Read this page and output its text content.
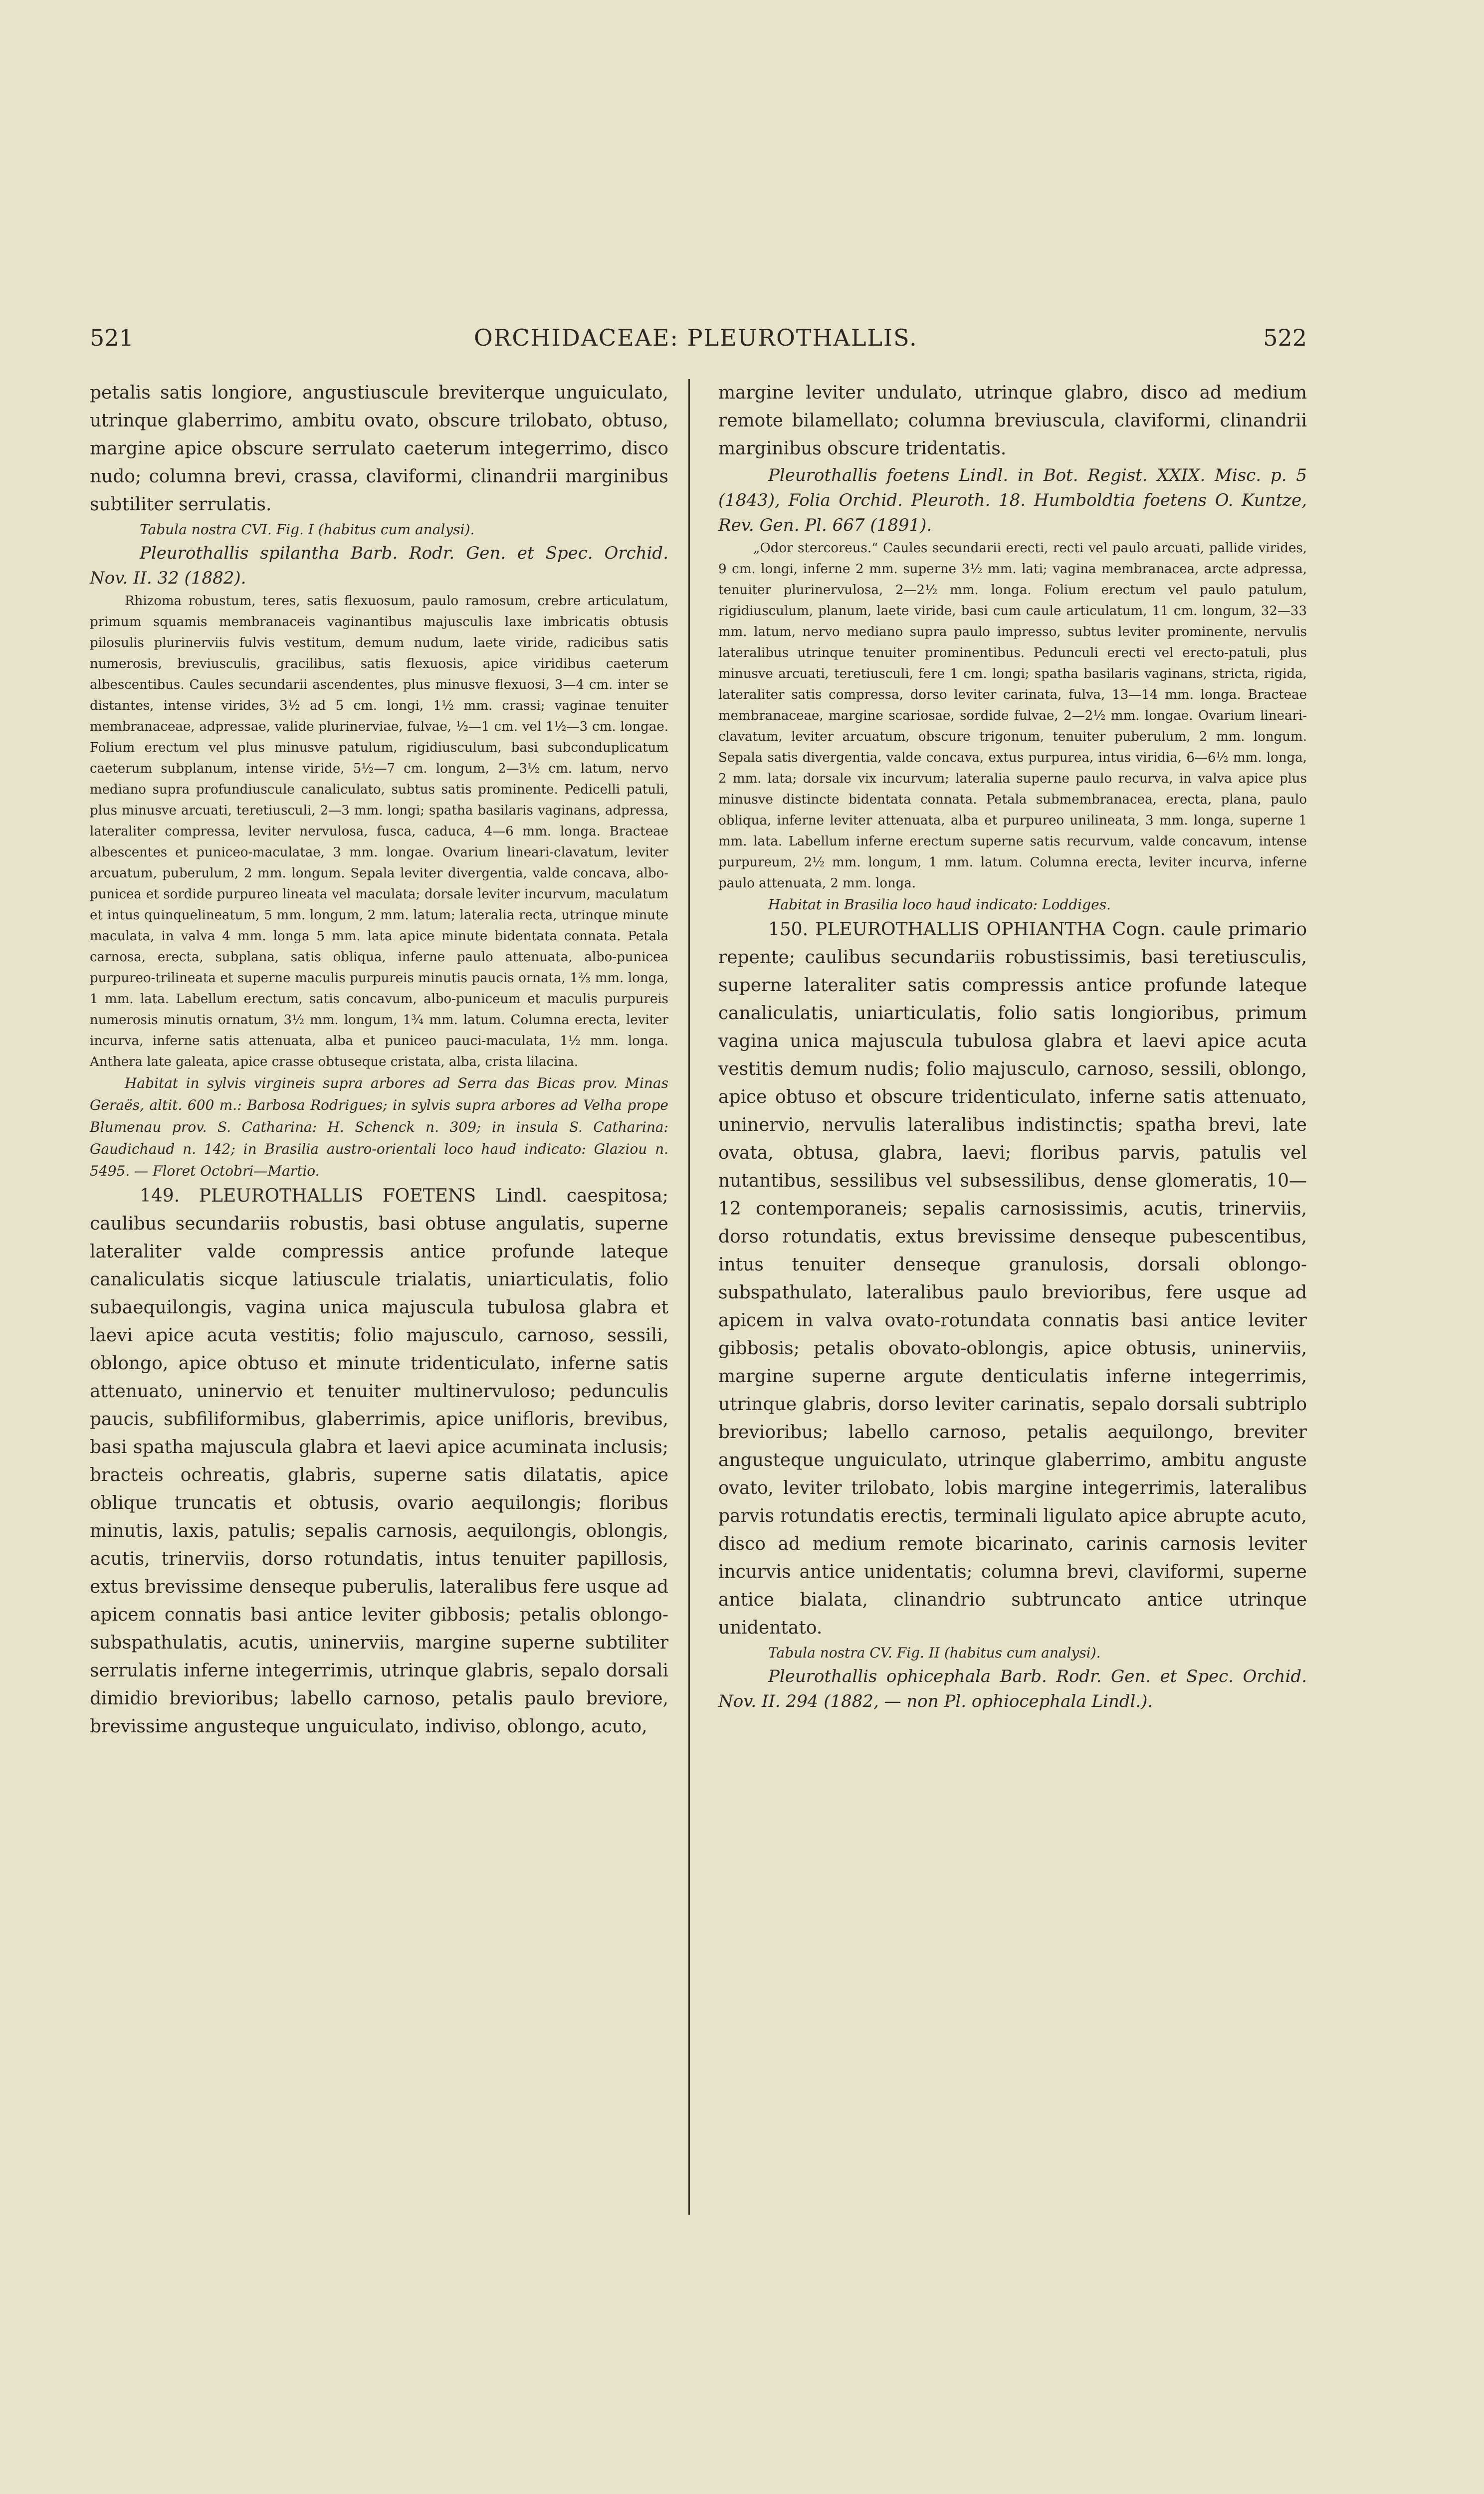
521	ORCHIDACEAE: PLEUROTHALLIS.	522

petalis satis longiore, angustiuscule breviterque unguiculato, utrinque glaberrimo, ambitu ovato, obscure trilobato, obtuso, margine apice obscure serrulato caeterum integerrimo, disco nudo; columna brevi, crassa, claviformi, clinandrii marginibus subtiliter serrulatis.

Tabula nostra CVI. Fig. I (habitus cum analysi).

Pleurothallis spilantha Barb. Rodr. Gen. et Spec. Orchid. Nov. II. 32 (1882).

Rhizoma robustum, teres, satis flexuosum, paulo ramosum, crebre articulatum, primum squamis membranaceis vaginantibus majusculis laxe imbricatis obtusis pilosulis plurinerviis fulvis vestitum, demum nudum, laete viride, radicibus satis numerosis, breviusculis, gracilibus, satis flexuosis, apice viridibus caeterum albescentibus. Caules secundarii ascendentes, plus minusve flexuosi, 3—4 cm. inter se distantes, intense virides, 3½ ad 5 cm. longi, 1½ mm. crassi; vaginae tenuiter membranaceae, adpressae, valide plurinerviae, fulvae, ½—1 cm. vel 1½—3 cm. longae. Folium erectum vel plus minusve patulum, rigidiusculum, basi subconduplicatum caeterum subplanum, intense viride, 5½—7 cm. longum, 2—3½ cm. latum, nervo mediano supra profundiuscule canaliculato, subtus satis prominente. Pedicelli patuli, plus minusve arcuati, teretiusculi, 2—3 mm. longi; spatha basilaris vaginans, adpressa, lateraliter compressa, leviter nervulosa, fusca, caduca, 4—6 mm. longa. Bracteae albescentes et puniceo-maculatae, 3 mm. longae. Ovarium lineari-clavatum, leviter arcuatum, puberulum, 2 mm. longum. Sepala leviter divergentia, valde concava, albo-punicea et sordide purpureo lineata vel maculata; dorsale leviter incurvum, maculatum et intus quinquelineatum, 5 mm. longum, 2 mm. latum; lateralia recta, utrinque minute maculata, in valva 4 mm. longa 5 mm. lata apice minute bidentata connata. Petala carnosa, erecta, subplana, satis obliqua, inferne paulo attenuata, albo-punicea purpureo-trilineata et superne maculis purpureis minutis paucis ornata, 1⅔ mm. longa, 1 mm. lata. Labellum erectum, satis concavum, albo-puniceum et maculis purpureis numerosis minutis ornatum, 3½ mm. longum, 1¾ mm. latum. Columna erecta, leviter incurva, inferne satis attenuata, alba et puniceo pauci-maculata, 1½ mm. longa. Anthera late galeata, apice crasse obtuseque cristata, alba, crista lilacina.

Habitat in sylvis virgineis supra arbores ad Serra das Bicas prov. Minas Geraës, altit. 600 m.: Barbosa Rodrigues; in sylvis supra arbores ad Velha prope Blumenau prov. S. Catharina: H. Schenck n. 309; in insula S. Catharina: Gaudichaud n. 142; in Brasilia austro-orientali loco haud indicato: Glaziou n. 5495. — Floret Octobri—Martio.

149. PLEUROTHALLIS FOETENS Lindl. caespitosa; caulibus secundariis robustis, basi obtuse angulatis, superne lateraliter valde compressis antice profunde lateque canaliculatis sicque latiuscule trialatis, uniarticulatis, folio subaequilongis, vagina unica majuscula tubulosa glabra et laevi apice acuta vestitis; folio majusculo, carnoso, sessili, oblongo, apice obtuso et minute tridenticulato, inferne satis attenuato, uninervio et tenuiter multinervuloso; pedunculis paucis, subfiliformibus, glaberrimis, apice unifloris, brevibus, basi spatha majuscula glabra et laevi apice acuminata inclusis; bracteis ochreatis, glabris, superne satis dilatatis, apice oblique truncatis et obtusis, ovario aequilongis; floribus minutis, laxis, patulis; sepalis carnosis, aequilongis, oblongis, acutis, trinerviis, dorso rotundatis, intus tenuiter papillosis, extus brevissime denseque puberulis, lateralibus fere usque ad apicem connatis basi antice leviter gibbosis; petalis oblongo-subspathulatis, acutis, uninerviis, margine superne subtiliter serrulatis inferne integerrimis, utrinque glabris, sepalo dorsali dimidio brevioribus; labello carnoso, petalis paulo breviore, brevissime angusteque unguiculato, indiviso, oblongo, acuto,

margine leviter undulato, utrinque glabro, disco ad medium remote bilamellato; columna breviuscula, claviformi, clinandrii marginibus obscure tridentatis.

Pleurothallis foetens Lindl. in Bot. Regist. XXIX. Misc. p. 5 (1843), Folia Orchid. Pleuroth. 18. Humboldtia foetens O. Kuntze, Rev. Gen. Pl. 667 (1891).

„Odor stercoreus.“ Caules secundarii erecti, recti vel paulo arcuati, pallide virides, 9 cm. longi, inferne 2 mm. superne 3½ mm. lati; vagina membranacea, arcte adpressa, tenuiter plurinervulosa, 2—2½ mm. longa. Folium erectum vel paulo patulum, rigidiusculum, planum, laete viride, basi cum caule articulatum, 11 cm. longum, 32—33 mm. latum, nervo mediano supra paulo impresso, subtus leviter prominente, nervulis lateralibus utrinque tenuiter prominentibus. Pedunculi erecti vel erecto-patuli, plus minusve arcuati, teretiusculi, fere 1 cm. longi; spatha basilaris vaginans, stricta, rigida, lateraliter satis compressa, dorso leviter carinata, fulva, 13—14 mm. longa. Bracteae membranaceae, margine scariosae, sordide fulvae, 2—2½ mm. longae. Ovarium lineari-clavatum, leviter arcuatum, obscure trigonum, tenuiter puberulum, 2 mm. longum. Sepala satis divergentia, valde concava, extus purpurea, intus viridia, 6—6½ mm. longa, 2 mm. lata; dorsale vix incurvum; lateralia superne paulo recurva, in valva apice plus minusve distincte bidentata connata. Petala submembranacea, erecta, plana, paulo obliqua, inferne leviter attenuata, alba et purpureo unilineata, 3 mm. longa, superne 1 mm. lata. Labellum inferne erectum superne satis recurvum, valde concavum, intense purpureum, 2½ mm. longum, 1 mm. latum. Columna erecta, leviter incurva, inferne paulo attenuata, 2 mm. longa.

Habitat in Brasilia loco haud indicato: Loddiges.

150. PLEUROTHALLIS OPHIANTHA Cogn. caule primario repente; caulibus secundariis robustissimis, basi teretiusculis, superne lateraliter satis compressis antice profunde lateque canaliculatis, uniarticulatis, folio satis longioribus, primum vagina unica majuscula tubulosa glabra et laevi apice acuta vestitis demum nudis; folio majusculo, carnoso, sessili, oblongo, apice obtuso et obscure tridenticulato, inferne satis attenuato, uninervio, nervulis lateralibus indistinctis; spatha brevi, late ovata, obtusa, glabra, laevi; floribus parvis, patulis vel nutantibus, sessilibus vel subsessilibus, dense glomeratis, 10—12 contemporaneis; sepalis carnosissimis, acutis, trinerviis, dorso rotundatis, extus brevissime denseque pubescentibus, intus tenuiter denseque granulosis, dorsali oblongo-subspathulato, lateralibus paulo brevioribus, fere usque ad apicem in valva ovato-rotundata connatis basi antice leviter gibbosis; petalis obovato-oblongis, apice obtusis, uninerviis, margine superne argute denticulatis inferne integerrimis, utrinque glabris, dorso leviter carinatis, sepalo dorsali subtriplo brevioribus; labello carnoso, petalis aequilongo, breviter angusteque unguiculato, utrinque glaberrimo, ambitu anguste ovato, leviter trilobato, lobis margine integerrimis, lateralibus parvis rotundatis erectis, terminali ligulato apice abrupte acuto, disco ad medium remote bicarinato, carinis carnosis leviter incurvis antice unidentatis; columna brevi, claviformi, superne antice bialata, clinandrio subtruncato antice utrinque unidentato.

Tabula nostra CV. Fig. II (habitus cum analysi).

Pleurothallis ophicephala Barb. Rodr. Gen. et Spec. Orchid. Nov. II. 294 (1882, — non Pl. ophiocephala Lindl.).
